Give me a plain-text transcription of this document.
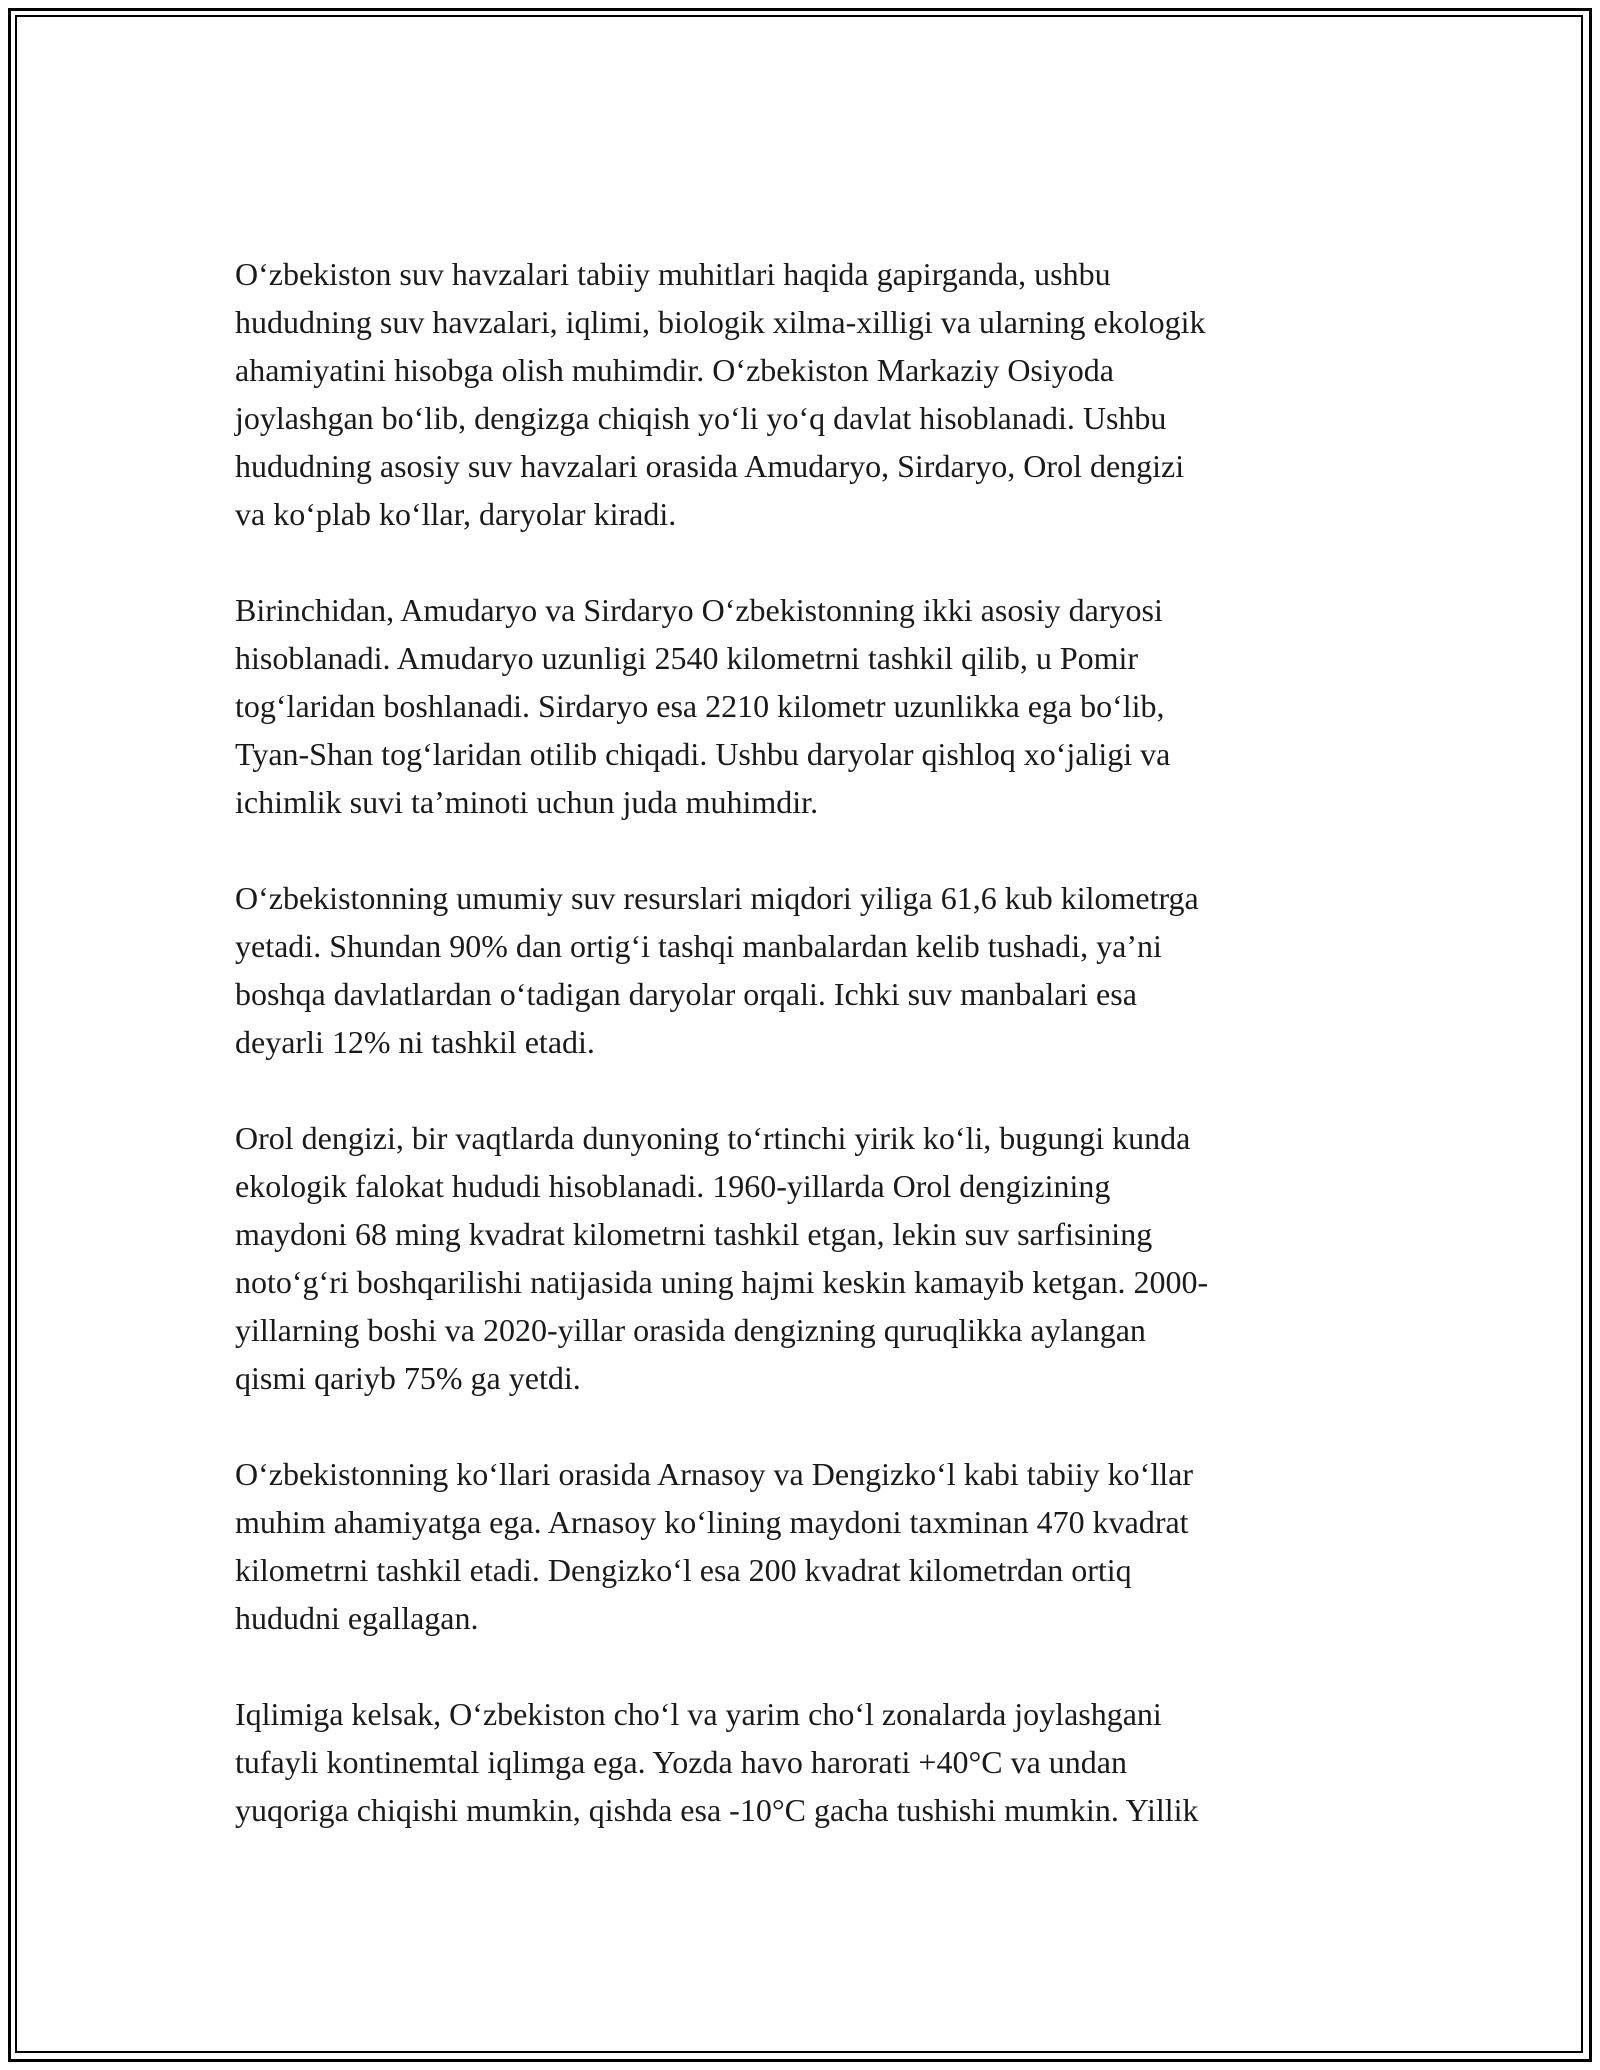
O‘zbekiston suv havzalari tabiiy muhitlari haqida gapirganda, ushbu
hududning suv havzalari, iqlimi, biologik xilma-xilligi va ularning ekologik
ahamiyatini hisobga olish muhimdir. O‘zbekiston Markaziy Osiyoda
joylashgan bo‘lib, dengizga chiqish yo‘li yo‘q davlat hisoblanadi. Ushbu
hududning asosiy suv havzalari orasida Amudaryo, Sirdaryo, Orol dengizi
va ko‘plab ko‘llar, daryolar kiradi.

Birinchidan, Amudaryo va Sirdaryo O‘zbekistonning ikki asosiy daryosi
hisoblanadi. Amudaryo uzunligi 2540 kilometrni tashkil qilib, u Pomir
tog‘laridan boshlanadi. Sirdaryo esa 2210 kilometr uzunlikka ega bo‘lib,
Tyan-Shan tog‘laridan otilib chiqadi. Ushbu daryolar qishloq xo‘jaligi va
ichimlik suvi ta’minoti uchun juda muhimdir.

O‘zbekistonning umumiy suv resurslari miqdori yiliga 61,6 kub kilometrga
yetadi. Shundan 90% dan ortig‘i tashqi manbalardan kelib tushadi, ya’ni
boshqa davlatlardan o‘tadigan daryolar orqali. Ichki suv manbalari esa
deyarli 12% ni tashkil etadi.

Orol dengizi, bir vaqtlarda dunyoning to‘rtinchi yirik ko‘li, bugungi kunda
ekologik falokat hududi hisoblanadi. 1960-yillarda Orol dengizining
maydoni 68 ming kvadrat kilometrni tashkil etgan, lekin suv sarfisining
noto‘g‘ri boshqarilishi natijasida uning hajmi keskin kamayib ketgan. 2000-
yillarning boshi va 2020-yillar orasida dengizning quruqlikka aylangan
qismi qariyb 75% ga yetdi.

O‘zbekistonning ko‘llari orasida Arnasoy va Dengizko‘l kabi tabiiy ko‘llar
muhim ahamiyatga ega. Arnasoy ko‘lining maydoni taxminan 470 kvadrat
kilometrni tashkil etadi. Dengizko‘l esa 200 kvadrat kilometrdan ortiq
hududni egallagan.

Iqlimiga kelsak, O‘zbekiston cho‘l va yarim cho‘l zonalarda joylashgani
tufayli kontinemtal iqlimga ega. Yozda havo harorati +40°C va undan
yuqoriga chiqishi mumkin, qishda esa -10°C gacha tushishi mumkin. Yillik
